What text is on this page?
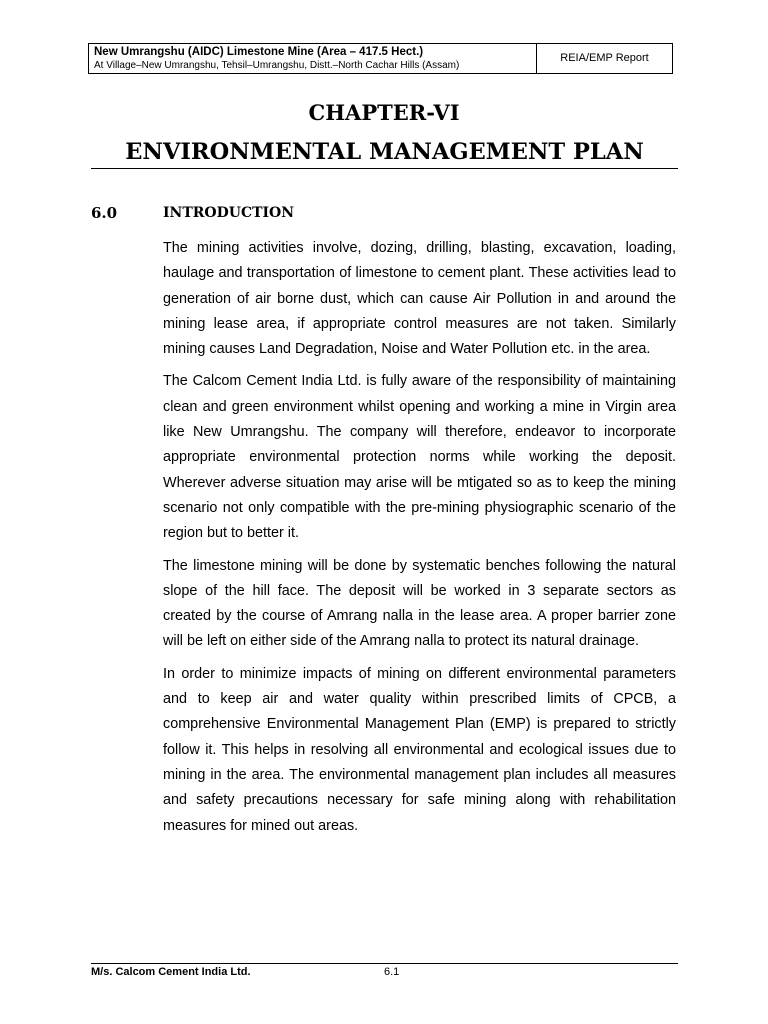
New Umrangshu (AIDC) Limestone Mine (Area – 417.5 Hect.)
At Village–New Umrangshu, Tehsil–Umrangshu, Distt.–North Cachar Hills (Assam)
REIA/EMP Report
CHAPTER-VI
ENVIRONMENTAL MANAGEMENT PLAN
6.0	INTRODUCTION

The mining activities involve, dozing, drilling, blasting, excavation, loading, haulage and transportation of limestone to cement plant. These activities lead to generation of air borne dust, which can cause Air Pollution in and around the mining lease area, if appropriate control measures are not taken. Similarly mining causes Land Degradation, Noise and Water Pollution etc. in the area.

The Calcom Cement India Ltd. is fully aware of the responsibility of maintaining clean and green environment whilst opening and working a mine in Virgin area like New Umrangshu. The company will therefore, endeavor to incorporate appropriate environmental protection norms while working the deposit. Wherever adverse situation may arise will be mtigated so as to keep the mining scenario not only compatible with the pre-mining physiographic scenario of the region but to better it.

The limestone mining will be done by systematic benches following the natural slope of the hill face. The deposit will be worked in 3 separate sectors as created by the course of Amrang nalla in the lease area. A proper barrier zone will be left on either side of the Amrang nalla to protect its natural drainage.

In order to minimize impacts of mining on different environmental parameters and to keep air and water quality within prescribed limits of CPCB, a comprehensive Environmental Management Plan (EMP) is prepared to strictly follow it. This helps in resolving all environmental and ecological issues due to mining in the area. The environmental management plan includes all measures and safety precautions necessary for safe mining along with rehabilitation measures for mined out areas.

M/s. Calcom Cement India Ltd.	6.1
